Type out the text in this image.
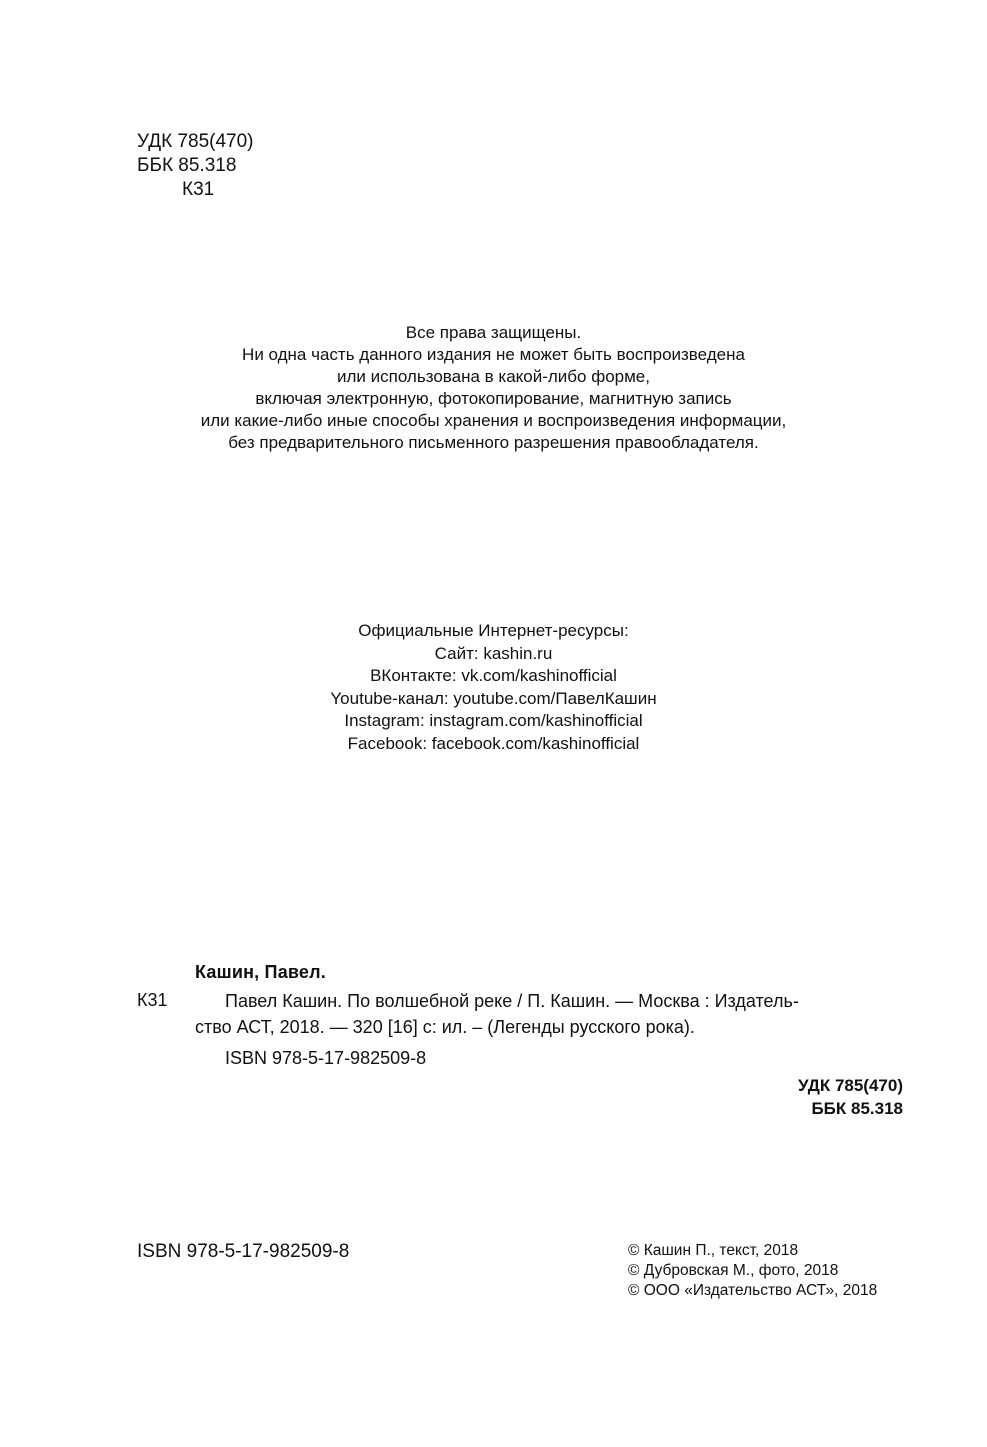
УДК 785(470)
ББК 85.318
К31
Все права защищены.
Ни одна часть данного издания не может быть воспроизведена
или использована в какой-либо форме,
включая электронную, фотокопирование, магнитную запись
или какие-либо иные способы хранения и воспроизведения информации,
без предварительного письменного разрешения правообладателя.
Официальные Интернет-ресурсы:
Сайт: kashin.ru
ВКонтакте: vk.com/kashinofficial
Youtube-канал: youtube.com/ПавелКашин
Instagram: instagram.com/kashinofficial
Facebook: facebook.com/kashinofficial
Кашин, Павел.
К31	Павел Кашин. По волшебной реке / П. Кашин. — Москва : Издатель-
ство АСТ, 2018. — 320 [16] с: ил. – (Легенды русского рока).
ISBN 978-5-17-982509-8
УДК 785(470)
ББК 85.318
ISBN 978-5-17-982509-8	© Кашин П., текст, 2018
© Дубровская М., фото, 2018
© ООО «Издательство АСТ», 2018
